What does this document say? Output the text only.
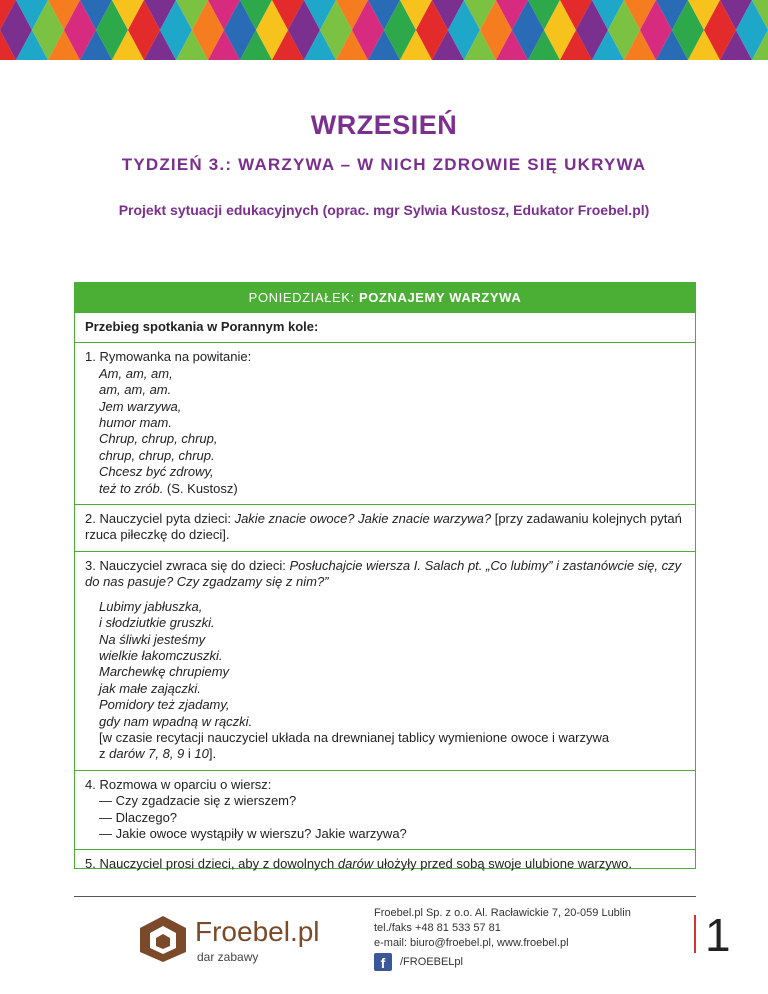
WRZESIEŃ
TYDZIEŃ 3.: WARZYWA – W NICH ZDROWIE SIĘ UKRYWA
Projekt sytuacji edukacyjnych (oprac. mgr Sylwia Kustosz, Edukator Froebel.pl)
PONIEDZIAŁEK: POZNAJEMY WARZYWA
Przebieg spotkania w Porannym kole:
1. Rymowanka na powitanie:
Am, am, am,
am, am, am.
Jem warzywa,
humor mam.
Chrup, chrup, chrup,
chrup, chrup, chrup.
Chcesz być zdrowy,
też to zrób. (S. Kustosz)
2. Nauczyciel pyta dzieci: Jakie znacie owoce? Jakie znacie warzywa? [przy zadawaniu kolejnych pytań rzuca piłeczkę do dzieci].
3. Nauczyciel zwraca się do dzieci: Posłuchajcie wiersza I. Salach pt. „Co lubimy” i zastanówcie się, czy do nas pasuje? Czy zgadzamy się z nim?”
Lubimy jabłuszka,
i słodziutkie gruszki.
Na śliwki jesteśmy
wielkie łakomczuszki.
Marchewkę chrupiemy
jak małe zajączki.
Pomidory też zjadamy,
gdy nam wpadną w rączki.
[w czasie recytacji nauczyciel układa na drewnianej tablicy wymienione owoce i warzywa
z darów 7, 8, 9 i 10].
4. Rozmowa w oparciu o wiersz:
— Czy zgadzacie się z wierszem?
— Dlaczego?
— Jakie owoce wystąpiły w wierszu? Jakie warzywa?
5. Nauczyciel prosi dzieci, aby z dowolnych darów ułożyły przed sobą swoje ulubione warzywo.
Froebel.pl
dar zabawy
Froebel.pl Sp. z o.o. Al. Racławickie 7, 20-059 Lublin
tel./faks +48 81 533 57 81
e-mail: biuro@froebel.pl, www.froebel.pl
f	/FROEBELpl
1
